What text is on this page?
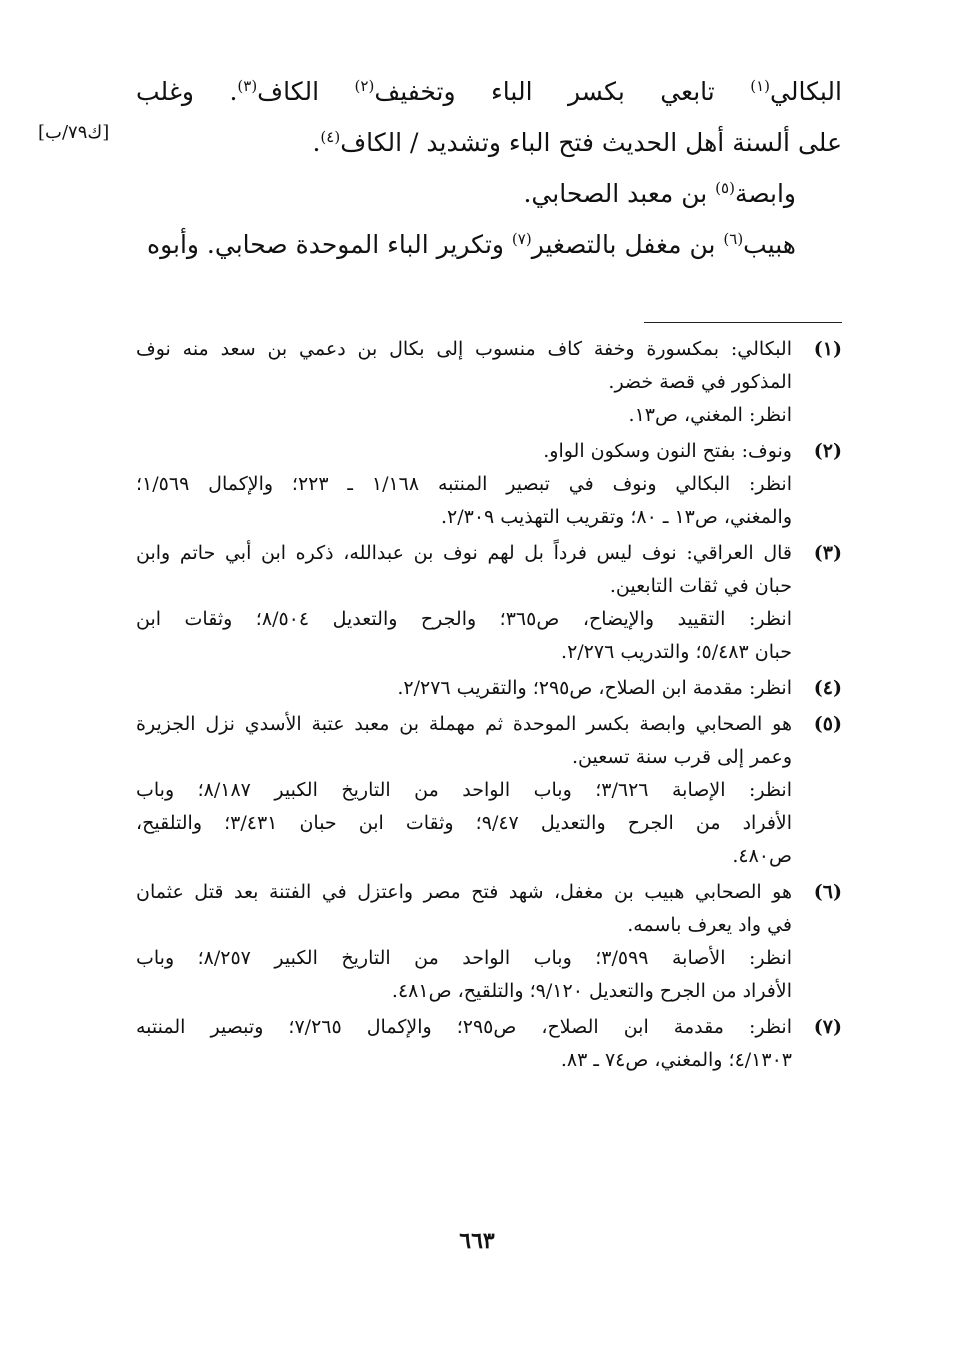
[ك٧٩/ب]
البكالي$^{(١)}$ تابعي بكسر الباء وتخفيف$^{(٢)}$ الكاف$^{(٣)}$. وغلب
على ألسنة أهل الحديث فتح الباء وتشديد / الكاف$^{(٤)}$.
وابصة$^{(٥)}$ بن معبد الصحابي.
هبيب$^{(٦)}$ بن مغفل بالتصغير$^{(٧)}$ وتكرير الباء الموحدة صحابي. وأبوه
(١)
البكالي: بمكسورة وخفة كاف منسوب إلى بكال بن دعمي بن سعد منه نوف
المذكور في قصة خضر.
انظر: المغني، ص١٣.
(٢)
ونوف: بفتح النون وسكون الواو.
انظر: البكالي ونوف في تبصير المنتبه ١/١٦٨ ـ ٢٢٣؛ والإكمال ١/٥٦٩؛
والمغني، ص١٣ ـ ٨٠؛ وتقريب التهذيب ٢/٣٠٩.
(٣)
قال العراقي: نوف ليس فرداً بل لهم نوف بن عبدالله، ذكره ابن أبي حاتم وابن
حبان في ثقات التابعين.
انظر: التقييد والإيضاح، ص٣٦٥؛ والجرح والتعديل ٨/٥٠٤؛ وثقات ابن
حبان ٥/٤٨٣؛ والتدريب ٢/٢٧٦.
(٤)
انظر: مقدمة ابن الصلاح، ص٢٩٥؛ والتقريب ٢/٢٧٦.
(٥)
هو الصحابي وابصة بكسر الموحدة ثم مهملة بن معبد عتبة الأسدي نزل الجزيرة
وعمر إلى قرب سنة تسعين.
انظر: الإصابة ٣/٦٢٦؛ وباب الواحد من التاريخ الكبير ٨/١٨٧؛ وباب
الأفراد من الجرح والتعديل ٩/٤٧؛ وثقات ابن حبان ٣/٤٣١؛ والتلقيح،
ص٤٨٠.
(٦)
هو الصحابي هبيب بن مغفل، شهد فتح مصر واعتزل في الفتنة بعد قتل عثمان
في واد يعرف باسمه.
انظر: الأصابة ٣/٥٩٩؛ وباب الواحد من التاريخ الكبير ٨/٢٥٧؛ وباب
الأفراد من الجرح والتعديل ٩/١٢٠؛ والتلقيح، ص٤٨١.
(٧)
انظر: مقدمة ابن الصلاح، ص٢٩٥؛ والإكمال ٧/٢٦٥؛ وتبصير المنتبه
٤/١٣٠٣؛ والمغني، ص٧٤ ـ ٨٣.
٦٦٣
